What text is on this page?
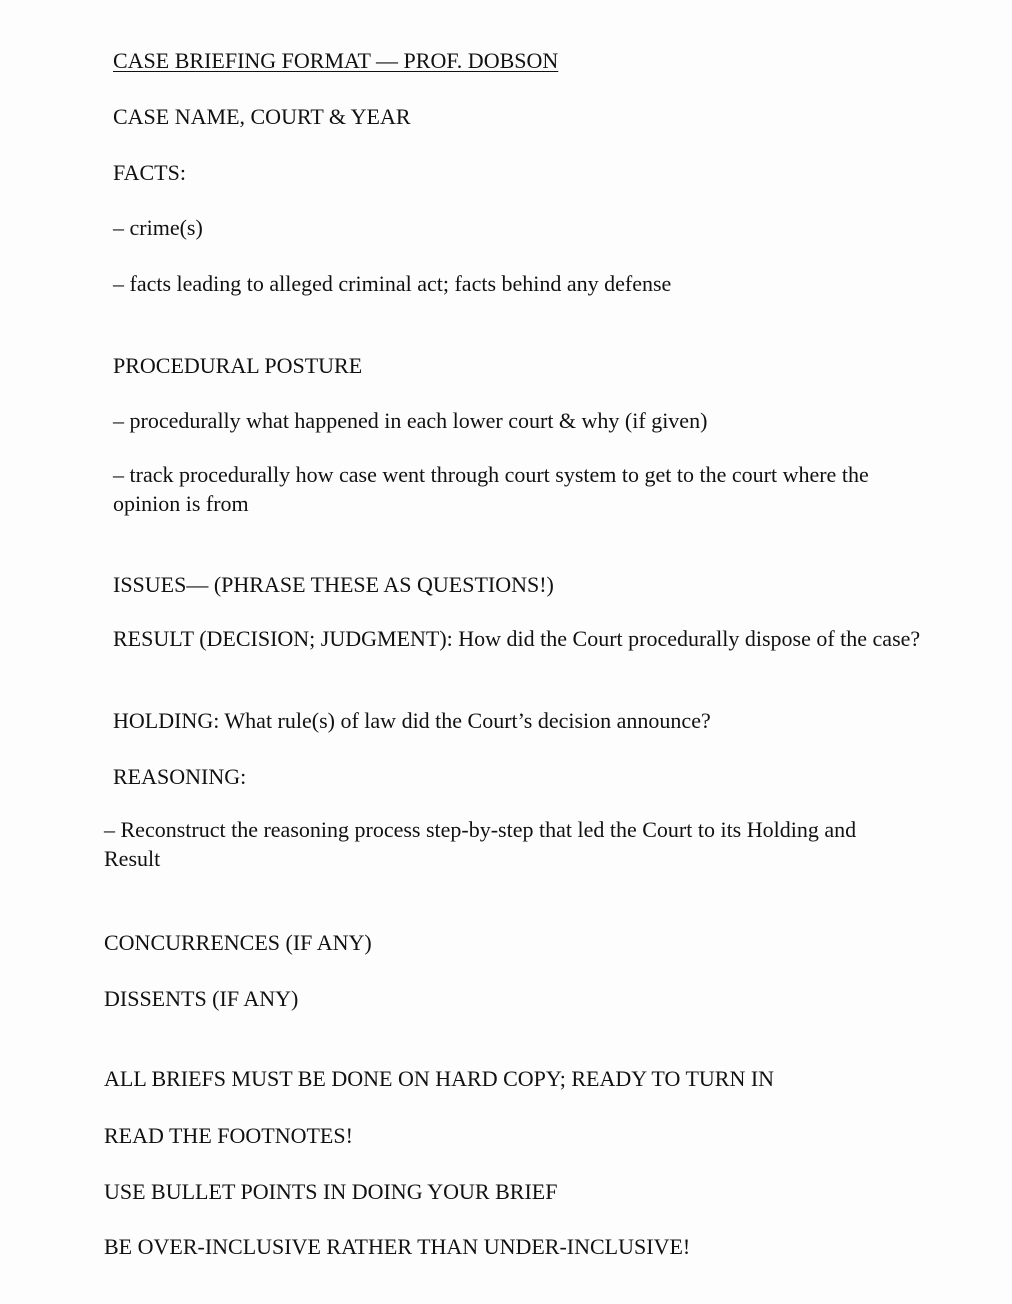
CASE BRIEFING FORMAT — PROF. DOBSON

CASE NAME, COURT & YEAR

FACTS:

– crime(s)

– facts leading to alleged criminal act; facts behind any defense

PROCEDURAL POSTURE

– procedurally what happened in each lower court & why (if given)

– track procedurally how case went through court system to get to the court where the opinion is from

ISSUES— (PHRASE THESE AS QUESTIONS!)

RESULT (DECISION; JUDGMENT): How did the Court procedurally dispose of the case?

HOLDING: What rule(s) of law did the Court’s decision announce?

REASONING:

– Reconstruct the reasoning process step-by-step that led the Court to its Holding and Result

CONCURRENCES (IF ANY)

DISSENTS (IF ANY)

ALL BRIEFS MUST BE DONE ON HARD COPY; READY TO TURN IN

READ THE FOOTNOTES!

USE BULLET POINTS IN DOING YOUR BRIEF

BE OVER-INCLUSIVE RATHER THAN UNDER-INCLUSIVE!
